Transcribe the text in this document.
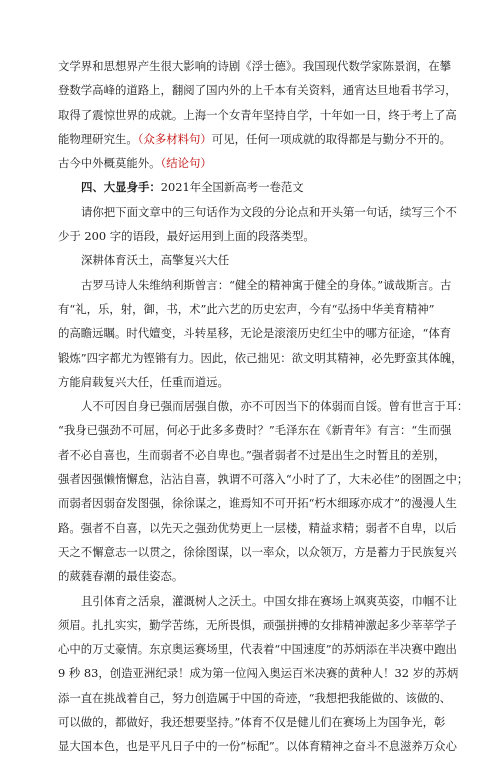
文学界和思想界产生很大影响的诗剧《浮士德》。我国现代数学家陈景润，在攀
登数学高峰的道路上，翻阅了国内外的上千本有关资料，通宵达旦地看书学习，
取得了震惊世界的成就。上海一个女青年坚持自学，十年如一日，终于考上了高
能物理研究生。（众多材料句）可见，任何一项成就的取得都是与勤分不开的。
古今中外概莫能外。（结论句）

四、大显身手：2021年全国新高考一卷范文

请你把下面文章中的三句话作为文段的分论点和开头第一句话，续写三个不
少于 200 字的语段，最好运用到上面的段落类型。

深耕体育沃土，高擎复兴大任

古罗马诗人朱维纳利斯曾言：“健全的精神寓于健全的身体。”诚哉斯言。古
有“礼，乐，射，御，书，术”此六艺的历史宏声，今有“弘扬中华美育精神”
的高瞻远瞩。时代嬗变，斗转星移，无论是滚滚历史红尘中的哪方征途，“体育
锻炼”四字都尤为铿锵有力。因此，依己拙见：欲文明其精神，必先野蛮其体魄，
方能肩载复兴大任，任重而道远。

人不可因自身已强而居强自傲，亦不可因当下的体弱而自馁。曾有世言于耳：
“我身已强劲不可屈，何必于此多多费时？”毛泽东在《新青年》有言：“生而强
者不必自喜也，生而弱者不必自卑也。”强者弱者不过是出生之时暂且的差别，
强者因强懒惰懈怠，沾沾自喜，孰谓不可落入“小时了了，大未必佳”的囹圄之中；
而弱者因弱奋发图强，徐徐谋之，谁焉知不可开拓“朽木细琢亦成才”的漫漫人生
路。强者不自喜，以先天之强劲优势更上一层楼，精益求精；弱者不自卑，以后
天之不懈意志一以贯之，徐徐图谋，以一率众，以众领万，方是蓄力于民族复兴
的葳蕤春潮的最佳姿态。

且引体育之活泉，灌溉树人之沃土。中国女排在赛场上飒爽英姿，巾帼不让
须眉。扎扎实实，勤学苦练，无所畏惧，顽强拼搏的女排精神激起多少莘莘学子
心中的万丈豪情。东京奥运赛场里，代表着“中国速度”的苏炳添在半决赛中跑出
9 秒 83，创造亚洲纪录！成为第一位闯入奥运百米决赛的黄种人！32 岁的苏炳
添一直在挑战着自己，努力创造属于中国的奇迹，“我想把我能做的、该做的、
可以做的，都做好，我还想要坚持。”体育不仅是健儿们在赛场上为国争光，彰
显大国本色，也是平凡日子中的一份“标配”。以体育精神之奋斗不息滋养万众心
